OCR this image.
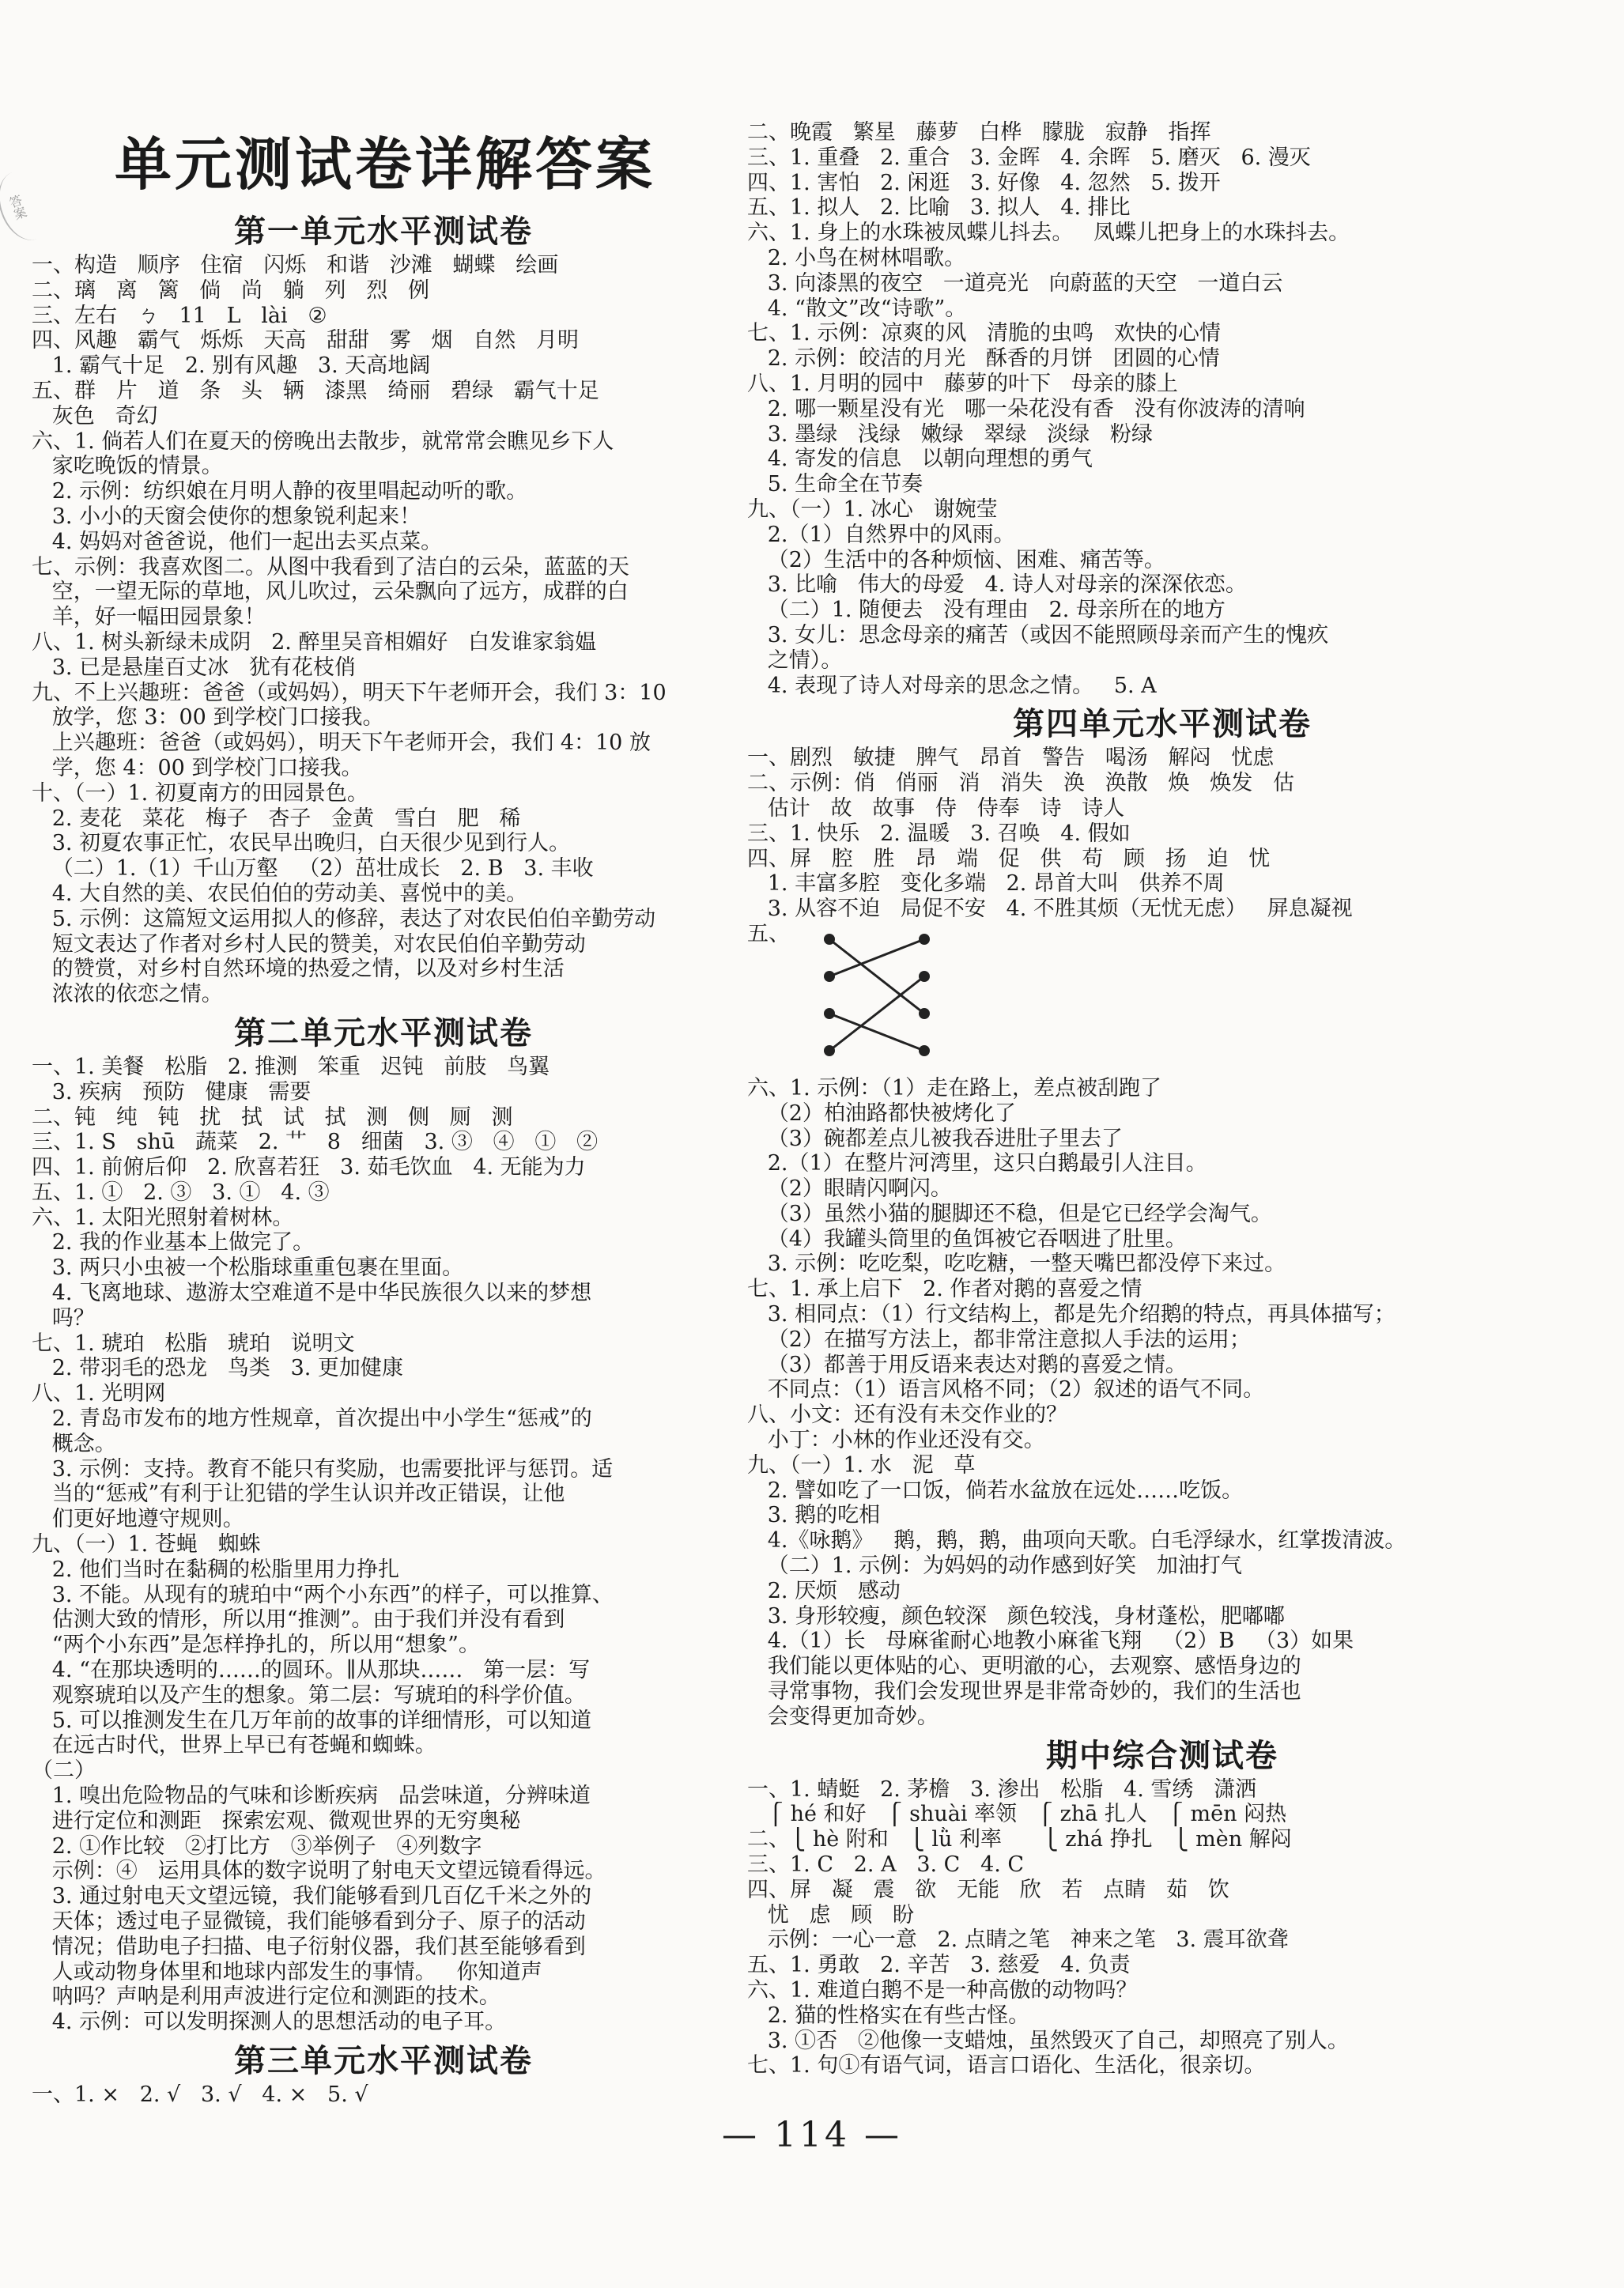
答案
单元测试卷详解答案
第一单元水平测试卷
一、构造   顺序   住宿   闪烁   和谐   沙滩   蝴蝶   绘画
二、璃   离   篱   倘   尚   躺   列   烈   例
三、左右   ㄅ   11   L   lài   ②
四、风趣   霸气   烁烁   天高   甜甜   雾   烟   自然   月明
1. 霸气十足   2. 别有风趣   3. 天高地阔
五、群   片   道   条   头   辆   漆黑   绮丽   碧绿   霸气十足
灰色   奇幻
六、1. 倘若人们在夏天的傍晚出去散步，就常常会瞧见乡下人
家吃晚饭的情景。
2. 示例：纺织娘在月明人静的夜里唱起动听的歌。
3. 小小的天窗会使你的想象锐利起来！
4. 妈妈对爸爸说，他们一起出去买点菜。
七、示例：我喜欢图二。从图中我看到了洁白的云朵，蓝蓝的天
空，一望无际的草地，风儿吹过，云朵飘向了远方，成群的白
羊，好一幅田园景象！
八、1. 树头新绿未成阴   2. 醉里吴音相媚好   白发谁家翁媪
3. 已是悬崖百丈冰   犹有花枝俏
九、不上兴趣班：爸爸（或妈妈），明天下午老师开会，我们 3：10
放学，您 3：00 到学校门口接我。
上兴趣班：爸爸（或妈妈），明天下午老师开会，我们 4：10 放
学，您 4：00 到学校门口接我。
十、（一）1. 初夏南方的田园景色。
2. 麦花   菜花   梅子   杏子   金黄   雪白   肥   稀
3. 初夏农事正忙，农民早出晚归，白天很少见到行人。
（二）1.（1）千山万壑   （2）茁壮成长   2. B   3. 丰收
4. 大自然的美、农民伯伯的劳动美、喜悦中的美。
5. 示例：这篇短文运用拟人的修辞，表达了对农民伯伯辛勤劳动
短文表达了作者对乡村人民的赞美，对农民伯伯辛勤劳动
的赞赏，对乡村自然环境的热爱之情，以及对乡村生活
浓浓的依恋之情。
第二单元水平测试卷
一、1. 美餐   松脂   2. 推测   笨重   迟钝   前肢   鸟翼
3. 疾病   预防   健康   需要
二、钝   纯   钝   扰   拭   试   拭   测   侧   厕   测
三、1. S   shū   蔬菜   2. 艹   8   细菌   3. ③   ④   ①   ②
四、1. 前俯后仰   2. 欣喜若狂   3. 茹毛饮血   4. 无能为力
五、1. ①   2. ③   3. ①   4. ③
六、1. 太阳光照射着树林。
2. 我的作业基本上做完了。
3. 两只小虫被一个松脂球重重包裹在里面。
4. 飞离地球、遨游太空难道不是中华民族很久以来的梦想
吗？
七、1. 琥珀   松脂   琥珀   说明文
2. 带羽毛的恐龙   鸟类   3. 更加健康
八、1. 光明网
2. 青岛市发布的地方性规章，首次提出中小学生“惩戒”的
概念。
3. 示例：支持。教育不能只有奖励，也需要批评与惩罚。适
当的“惩戒”有利于让犯错的学生认识并改正错误，让他
们更好地遵守规则。
九、（一）1. 苍蝇   蜘蛛
2. 他们当时在黏稠的松脂里用力挣扎
3. 不能。从现有的琥珀中“两个小东西”的样子，可以推算、
估测大致的情形，所以用“推测”。由于我们并没有看到
“两个小东西”是怎样挣扎的，所以用“想象”。
4. “在那块透明的……的圆环。∥从那块……   第一层：写
观察琥珀以及产生的想象。第二层：写琥珀的科学价值。
5. 可以推测发生在几万年前的故事的详细情形，可以知道
在远古时代，世界上早已有苍蝇和蜘蛛。
（二）
1. 嗅出危险物品的气味和诊断疾病   品尝味道，分辨味道
进行定位和测距   探索宏观、微观世界的无穷奥秘
2. ①作比较   ②打比方   ③举例子   ④列数字
示例：④   运用具体的数字说明了射电天文望远镜看得远。
3. 通过射电天文望远镜，我们能够看到几百亿千米之外的
天体；透过电子显微镜，我们能够看到分子、原子的活动
情况；借助电子扫描、电子衍射仪器，我们甚至能够看到
人或动物身体里和地球内部发生的事情。   你知道声
呐吗？声呐是利用声波进行定位和测距的技术。
4. 示例：可以发明探测人的思想活动的电子耳。
第三单元水平测试卷
一、1. ×   2. √   3. √   4. ×   5. √
二、晚霞   繁星   藤萝   白桦   朦胧   寂静   指挥
三、1. 重叠   2. 重合   3. 金晖   4. 余晖   5. 磨灭   6. 漫灭
四、1. 害怕   2. 闲逛   3. 好像   4. 忽然   5. 拨开
五、1. 拟人   2. 比喻   3. 拟人   4. 排比
六、1. 身上的水珠被凤蝶儿抖去。   凤蝶儿把身上的水珠抖去。
2. 小鸟在树林唱歌。
3. 向漆黑的夜空   一道亮光   向蔚蓝的天空   一道白云
4. “散文”改“诗歌”。
七、1. 示例：凉爽的风   清脆的虫鸣   欢快的心情
2. 示例：皎洁的月光   酥香的月饼   团圆的心情
八、1. 月明的园中   藤萝的叶下   母亲的膝上
2. 哪一颗星没有光   哪一朵花没有香   没有你波涛的清响
3. 墨绿   浅绿   嫩绿   翠绿   淡绿   粉绿
4. 寄发的信息   以朝向理想的勇气
5. 生命全在节奏
九、（一）1. 冰心   谢婉莹
2.（1）自然界中的风雨。
（2）生活中的各种烦恼、困难、痛苦等。
3. 比喻   伟大的母爱   4. 诗人对母亲的深深依恋。
（二）1. 随便去   没有理由   2. 母亲所在的地方
3. 女儿：思念母亲的痛苦（或因不能照顾母亲而产生的愧疚
之情）。
4. 表现了诗人对母亲的思念之情。   5. A
第四单元水平测试卷
一、剧烈   敏捷   脾气   昂首   警告   喝汤   解闷   忧虑
二、示例：俏   俏丽   消   消失   涣   涣散   焕   焕发   估
估计   故   故事   侍   侍奉   诗   诗人
三、1. 快乐   2. 温暖   3. 召唤   4. 假如
四、屏   腔   胜   昂   端   促   供   苟   顾   扬   迫   忧
1. 丰富多腔   变化多端   2. 昂首大叫   供养不周
3. 从容不迫   局促不安   4. 不胜其烦（无忧无虑）   屏息凝视
五、
六、1. 示例：（1）走在路上，差点被刮跑了
（2）柏油路都快被烤化了
（3）碗都差点儿被我吞进肚子里去了
2.（1）在整片河湾里，这只白鹅最引人注目。
（2）眼睛闪啊闪。
（3）虽然小猫的腿脚还不稳，但是它已经学会淘气。
（4）我罐头筒里的鱼饵被它吞咽进了肚里。
3. 示例：吃吃梨，吃吃糖，一整天嘴巴都没停下来过。
七、1. 承上启下   2. 作者对鹅的喜爱之情
3. 相同点：（1）行文结构上，都是先介绍鹅的特点，再具体描写；
（2）在描写方法上，都非常注意拟人手法的运用；
（3）都善于用反语来表达对鹅的喜爱之情。
不同点：（1）语言风格不同；（2）叙述的语气不同。
八、小文：还有没有未交作业的？
小丁：小林的作业还没有交。
九、（一）1. 水   泥   草
2. 譬如吃了一口饭，倘若水盆放在远处……吃饭。
3. 鹅的吃相
4.《咏鹅》   鹅，鹅，鹅，曲项向天歌。白毛浮绿水，红掌拨清波。
（二）1. 示例：为妈妈的动作感到好笑   加油打气
2. 厌烦   感动
3. 身形较瘦，颜色较深   颜色较浅，身材蓬松，肥嘟嘟
4.（1）长   母麻雀耐心地教小麻雀飞翔   （2）B   （3）如果
我们能以更体贴的心、更明澈的心，去观察、感悟身边的
寻常事物，我们会发现世界是非常奇妙的，我们的生活也
会变得更加奇妙。
期中综合测试卷
一、1. 蜻蜓   2. 茅檐   3. 渗出   松脂   4. 雪绣   潇洒
⎧ hé 和好   ⎧ shuài 率领   ⎧ zhā 扎人   ⎧ mēn 闷热
二、⎩ hè 附和   ⎩ lǜ 利率      ⎩ zhá 挣扎   ⎩ mèn 解闷
三、1. C   2. A   3. C   4. C
四、屏   凝   震   欲   无能   欣   若   点睛   茹   饮
忧   虑   顾   盼
示例：一心一意   2. 点睛之笔   神来之笔   3. 震耳欲聋
五、1. 勇敢   2. 辛苦   3. 慈爱   4. 负责
六、1. 难道白鹅不是一种高傲的动物吗？
2. 猫的性格实在有些古怪。
3. ①否   ②他像一支蜡烛，虽然毁灭了自己，却照亮了别人。
七、1. 句①有语气词，语言口语化、生活化，很亲切。
— 114 —
